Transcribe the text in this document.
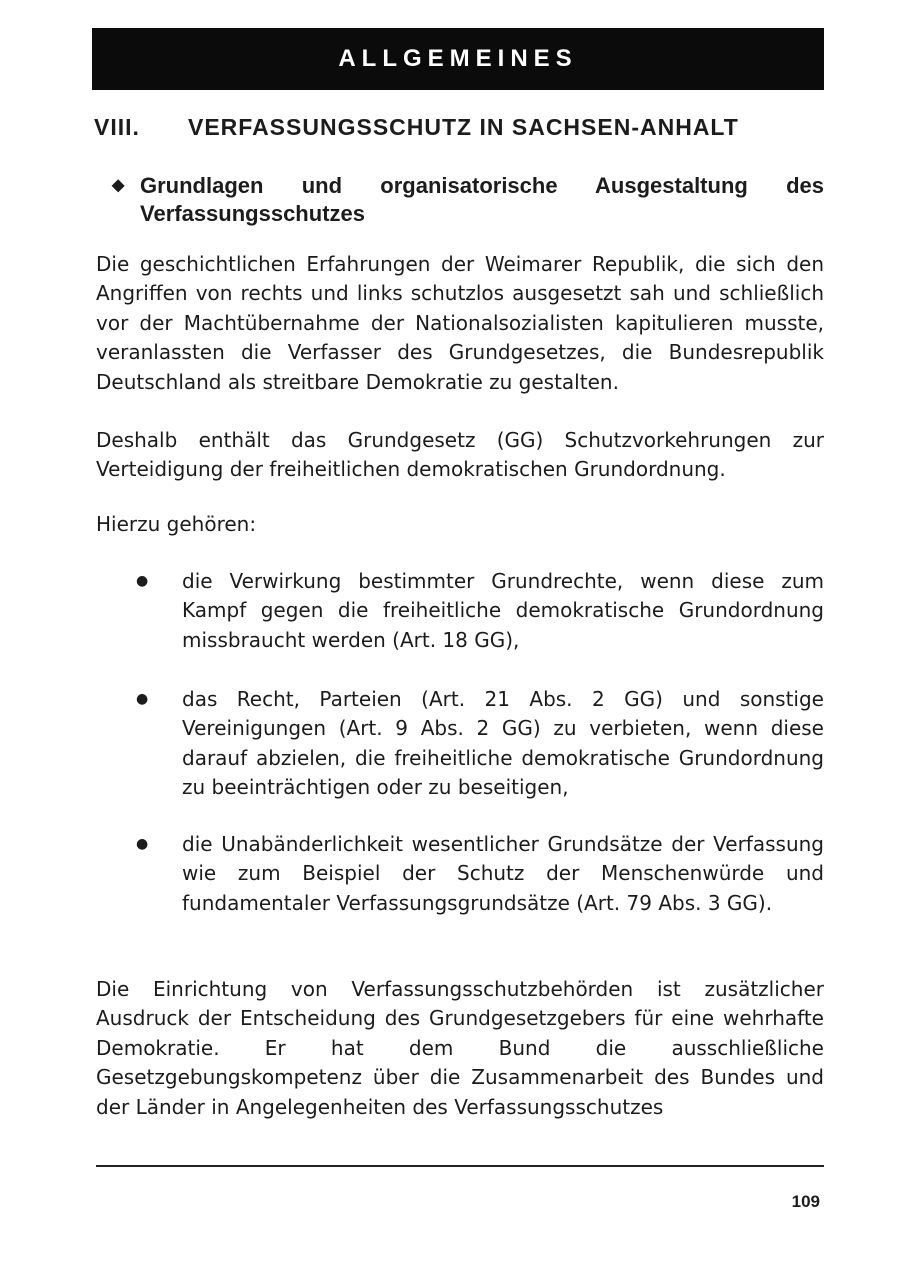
ALLGEMEINES
VIII.	VERFASSUNGSSCHUTZ IN SACHSEN-ANHALT
◆ Grundlagen und organisatorische Ausgestaltung des Verfassungsschutzes

Die geschichtlichen Erfahrungen der Weimarer Republik, die sich den Angriffen von rechts und links schutzlos ausgesetzt sah und schließlich vor der Machtübernahme der Nationalsozialisten kapitulieren musste, veranlassten die Verfasser des Grundgesetzes, die Bundesrepublik Deutschland als streitbare Demokratie zu gestalten.

Deshalb enthält das Grundgesetz (GG) Schutzvorkehrungen zur Verteidigung der freiheitlichen demokratischen Grundordnung.

Hierzu gehören:

●	die Verwirkung bestimmter Grundrechte, wenn diese zum Kampf gegen die freiheitliche demokratische Grundordnung missbraucht werden (Art. 18 GG),
●	das Recht, Parteien (Art. 21 Abs. 2 GG) und sonstige Vereinigungen (Art. 9 Abs. 2 GG) zu verbieten, wenn diese darauf abzielen, die freiheitliche demokratische Grundordnung zu beeinträchtigen oder zu beseitigen,
●	die Unabänderlichkeit wesentlicher Grundsätze der Verfassung wie zum Beispiel der Schutz der Menschenwürde und fundamentaler Verfassungsgrundsätze (Art. 79 Abs. 3 GG).

Die Einrichtung von Verfassungsschutzbehörden ist zusätzlicher Ausdruck der Entscheidung des Grundgesetzgebers für eine wehrhafte Demokratie. Er hat dem Bund die ausschließliche Gesetzgebungskompetenz über die Zusammenarbeit des Bundes und der Länder in Angelegenheiten des Verfassungsschutzes

109
